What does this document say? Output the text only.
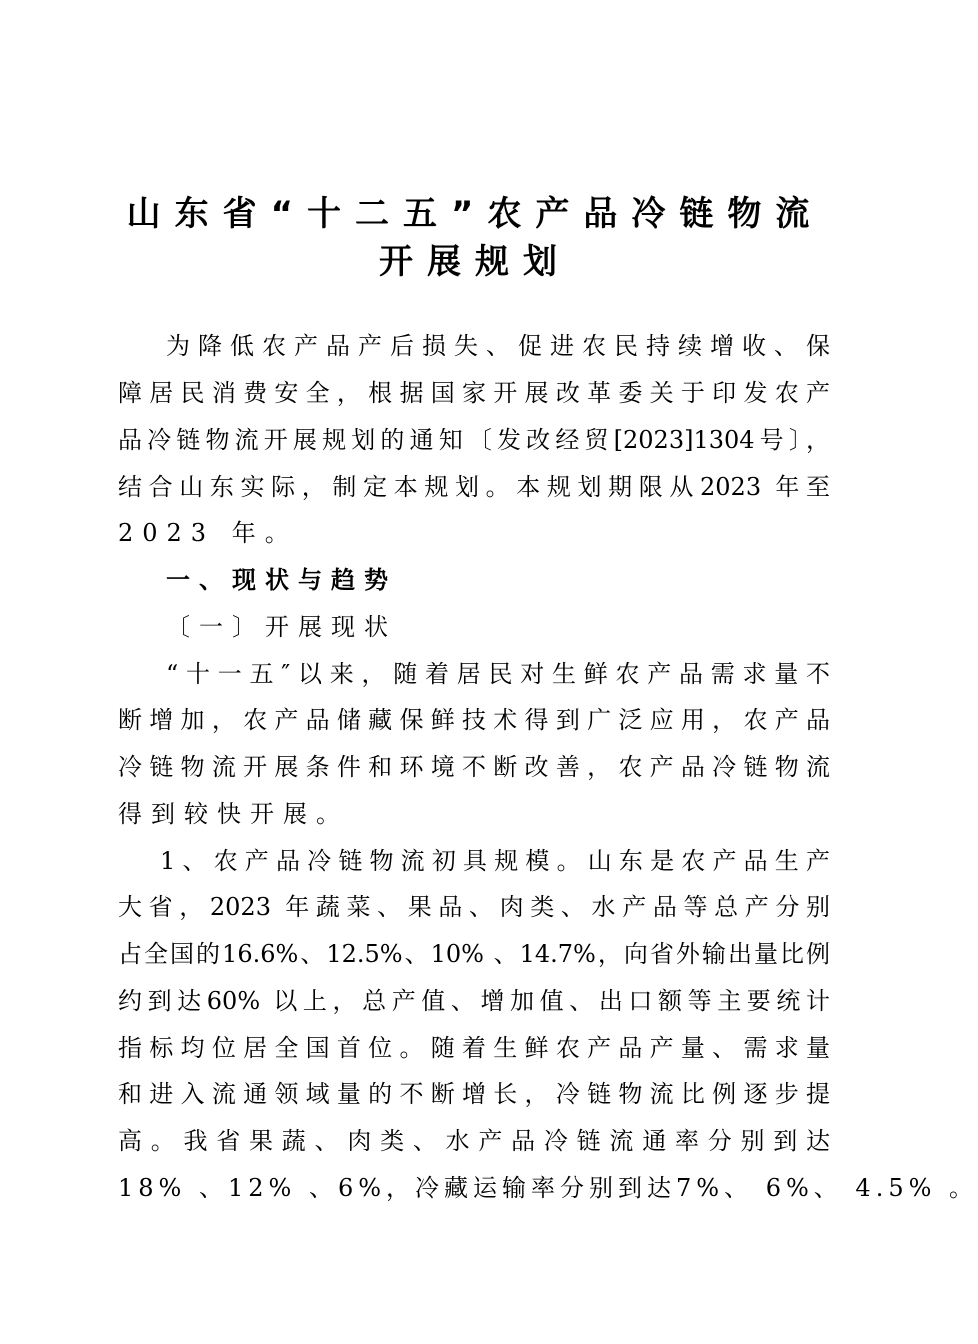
山东省“十二五”农产品冷链物流
开展规划
为降低农产品产后损失、促进农民持续增收、保
障居民消费安全，根据国家开展改革委关于印发农产
品冷链物流开展规划的通知〔发改经贸[2023]1304号〕，
结合山东实际，制定本规划。本规划期限从2023 年至
2023 年。
一、现状与趋势
〔一〕开展现状
“十一五″以来，随着居民对生鲜农产品需求量不
断增加，农产品储藏保鲜技术得到广泛应用，农产品
冷链物流开展条件和环境不断改善，农产品冷链物流
得到较快开展。
1、农产品冷链物流初具规模。山东是农产品生产
大省，2023 年蔬菜、果品、肉类、水产品等总产分别
占全国的16.6%、12.5%、10% 、14.7%，向省外输出量比例
约到达60% 以上，总产值、增加值、出口额等主要统计
指标均位居全国首位。随着生鲜农产品产量、需求量
和进入流通领域量的不断增长，冷链物流比例逐步提
高。我省果蔬、肉类、水产品冷链流通率分别到达
18% 、12% 、6%，冷藏运输率分别到达7%、 6%、 4.5% 。
